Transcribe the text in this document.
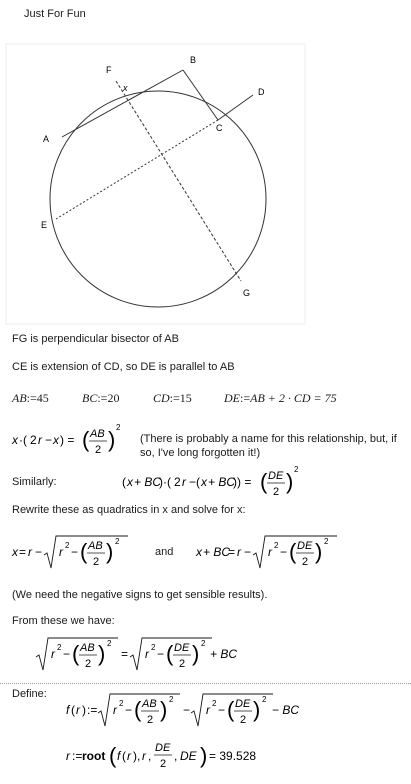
Just For Fun
A
B
C
D
E
F
G
x
FG is perpendicular bisector of AB
CE is extension of CD, so DE is parallel to AB
AB:=45	BC:=20	CD:=15	DE:=AB + 2 · CD = 75
x ·( 2 r − x ) = ( AB
2 ) 2
(There is probably a name for this relationship, but, if
so, I've long forgotten it!)
Similarly:	( x + BC
)·( 2 r −( x + BC
)) = ( DE
2 ) 2
Rewrite these as quadratics in x and solve for x:
x = r − r 2 − ( AB
2 ) 2
and x + BC
= r − r 2 − ( DE
2 ) 2
(We need the negative signs to get sensible results).
From these we have:
r 2 − ( AB
2 ) 2
= r 2 − ( DE
2 ) 2
+ BC
Define:
f ( r ) := r 2 − ( AB
2 ) 2
− r 2 − ( DE
2 ) 2
− BC
r := root ( f ( r ), r ,
DE
2
, DE ) = 39.528
